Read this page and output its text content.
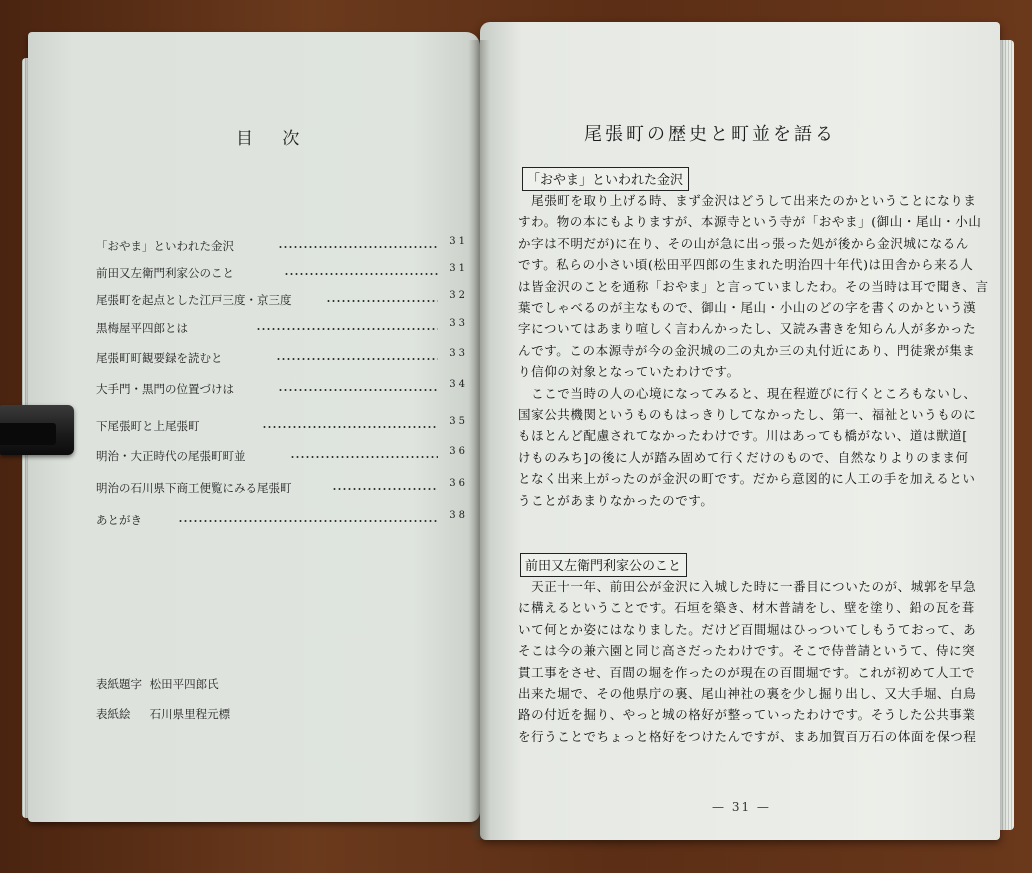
目 次
「おやま」といわれた金沢	31
前田又左衛門利家公のこと	31
尾張町を起点とした江戸三度・京三度	32
黒梅屋平四郎とは	33
尾張町町観要録を読むと	33
大手門・黒門の位置づけは	34
下尾張町と上尾張町	35
明治・大正時代の尾張町町並	36
明治の石川県下商工便覧にみる尾張町	36
あとがき	38
表紙題字 松田平四郎氏
表紙絵 石川県里程元標
尾張町の歴史と町並を語る
「おやま」といわれた金沢
　尾張町を取り上げる時、まず金沢はどうして出来たのかということになりま
すわ。物の本にもよりますが、本源寺という寺が「おやま」(御山・尾山・小山
か字は不明だが)に在り、その山が急に出っ張った処が後から金沢城になるん
です。私らの小さい頃(松田平四郎の生まれた明治四十年代)は田舎から来る人
は皆金沢のことを通称「おやま」と言っていましたわ。その当時は耳で聞き、言
葉でしゃべるのが主なもので、御山・尾山・小山のどの字を書くのかという漢
字についてはあまり喧しく言わんかったし、又読み書きを知らん人が多かった
んです。この本源寺が今の金沢城の二の丸か三の丸付近にあり、門徒衆が集ま
り信仰の対象となっていたわけです。
　ここで当時の人の心境になってみると、現在程遊びに行くところもないし、
国家公共機関というものもはっきりしてなかったし、第一、福祉というものに
もほとんど配慮されてなかったわけです。川はあっても橋がない、道は獣道[
けものみち]の後に人が踏み固めて行くだけのもので、自然なりよりのまま何
となく出来上がったのが金沢の町です。だから意図的に人工の手を加えるとい
うことがあまりなかったのです。
前田又左衛門利家公のこと
　天正十一年、前田公が金沢に入城した時に一番目についたのが、城郭を早急
に構えるということです。石垣を築き、材木普請をし、壁を塗り、鉛の瓦を葺
いて何とか姿にはなりました。だけど百間堀はひっついてしもうておって、あ
そこは今の兼六園と同じ高さだったわけです。そこで侍普請というて、侍に突
貫工事をさせ、百間の堀を作ったのが現在の百間堀です。これが初めて人工で
出来た堀で、その他県庁の裏、尾山神社の裏を少し掘り出し、又大手堀、白鳥
路の付近を掘り、やっと城の格好が整っていったわけです。そうした公共事業
を行うことでちょっと格好をつけたんですが、まあ加賀百万石の体面を保つ程
— 31 —
